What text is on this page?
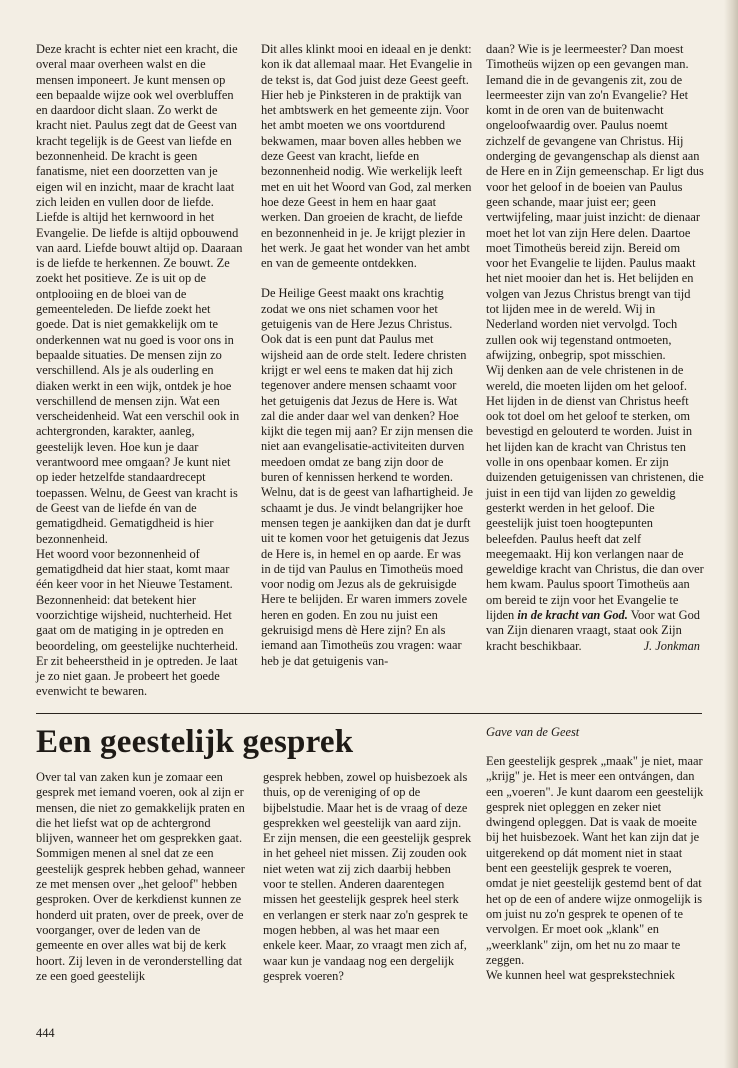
Deze kracht is echter niet een kracht, die overal maar overheen walst en die mensen imponeert. Je kunt mensen op een bepaalde wijze ook wel overbluffen en daardoor dicht slaan. Zo werkt de kracht niet. Paulus zegt dat de Geest van kracht tegelijk is de Geest van liefde en bezonnenheid. De kracht is geen fanatisme, niet een doorzetten van je eigen wil en inzicht, maar de kracht laat zich leiden en vullen door de liefde. Liefde is altijd het kernwoord in het Evangelie. De liefde is altijd opbouwend van aard. Liefde bouwt altijd op. Daaraan is de liefde te herkennen. Ze bouwt. Ze zoekt het positieve. Ze is uit op de ontplooiing en de bloei van de gemeenteleden. De liefde zoekt het goede. Dat is niet gemakkelijk om te onderkennen wat nu goed is voor ons in bepaalde situaties. De mensen zijn zo verschillend. Als je als ouderling en diaken werkt in een wijk, ontdek je hoe verschillend de mensen zijn. Wat een verscheidenheid. Wat een verschil ook in achtergronden, karakter, aanleg, geestelijk leven. Hoe kun je daar verantwoord mee omgaan? Je kunt niet op ieder hetzelfde standaardrecept toepassen. Welnu, de Geest van kracht is de Geest van de liefde én van de gematigdheid. Gematigdheid is hier bezonnenheid.

Het woord voor bezonnenheid of gematigdheid dat hier staat, komt maar één keer voor in het Nieuwe Testament. Bezonnenheid: dat betekent hier voorzichtige wijsheid, nuchterheid. Het gaat om de matiging in je optreden en beoordeling, om geestelijke nuchterheid. Er zit beheerstheid in je optreden. Je laat je zo niet gaan. Je probeert het goede evenwicht te bewaren.

Dit alles klinkt mooi en ideaal en je denkt: kon ik dat allemaal maar. Het Evangelie in de tekst is, dat God juist deze Geest geeft. Hier heb je Pinksteren in de praktijk van het ambtswerk en het gemeente zijn. Voor het ambt moeten we ons voortdurend bekwamen, maar boven alles hebben we deze Geest van kracht, liefde en bezonnenheid nodig. Wie werkelijk leeft met en uit het Woord van God, zal merken hoe deze Geest in hem en haar gaat werken. Dan groeien de kracht, de liefde en bezonnenheid in je. Je krijgt plezier in het werk. Je gaat het wonder van het ambt en van de gemeente ontdekken.

De Heilige Geest maakt ons krachtig zodat we ons niet schamen voor het getuigenis van de Here Jezus Christus. Ook dat is een punt dat Paulus met wijsheid aan de orde stelt. Iedere christen krijgt er wel eens te maken dat hij zich tegenover andere mensen schaamt voor het getuigenis dat Jezus de Here is. Wat zal die ander daar wel van denken? Hoe kijkt die tegen mij aan? Er zijn mensen die niet aan evangelisatie-activiteiten durven meedoen omdat ze bang zijn door de buren of kennissen herkend te worden. Welnu, dat is de geest van lafhartigheid. Je schaamt je dus. Je vindt belangrijker hoe mensen tegen je aankijken dan dat je durft uit te komen voor het getuigenis dat Jezus de Here is, in hemel en op aarde. Er was in de tijd van Paulus en Timotheüs moed voor nodig om Jezus als de gekruisigde Here te belijden. Er waren immers zovele heren en goden. En zou nu juist een gekruisigd mens dè Here zijn? En als iemand aan Timotheüs zou vragen: waar heb je dat getuigenis van-

daan? Wie is je leermeester? Dan moest Timotheüs wijzen op een gevangen man. Iemand die in de gevangenis zit, zou de leermeester zijn van zo'n Evangelie? Het komt in de oren van de buitenwacht ongeloofwaardig over. Paulus noemt zichzelf de gevangene van Christus. Hij onderging de gevangenschap als dienst aan de Here en in Zijn gemeenschap. Er ligt dus voor het geloof in de boeien van Paulus geen schande, maar juist eer; geen vertwijfeling, maar juist inzicht: de dienaar moet het lot van zijn Here delen. Daartoe moet Timotheüs bereid zijn. Bereid om voor het Evangelie te lijden. Paulus maakt het niet mooier dan het is. Het belijden en volgen van Jezus Christus brengt van tijd tot lijden mee in de wereld. Wij in Nederland worden niet vervolgd. Toch zullen ook wij tegenstand ontmoeten, afwijzing, onbegrip, spot misschien.

Wij denken aan de vele christenen in de wereld, die moeten lijden om het geloof. Het lijden in de dienst van Christus heeft ook tot doel om het geloof te sterken, om bevestigd en gelouterd te worden. Juist in het lijden kan de kracht van Christus ten volle in ons openbaar komen. Er zijn duizenden getuigenissen van christenen, die juist in een tijd van lijden zo geweldig gesterkt werden in het geloof. Die geestelijk juist toen hoogtepunten beleefden. Paulus heeft dat zelf meegemaakt. Hij kon verlangen naar de geweldige kracht van Christus, die dan over hem kwam. Paulus spoort Timotheüs aan om bereid te zijn voor het Evangelie te lijden in de kracht van God. Voor wat God van Zijn dienaren vraagt, staat ook Zijn kracht beschikbaar.	J. Jonkman

Een geestelijk gesprek	Gave van de Geest

Over tal van zaken kun je zomaar een gesprek met iemand voeren, ook al zijn er mensen, die niet zo gemakkelijk praten en die het liefst wat op de achtergrond blijven, wanneer het om gesprekken gaat.

Sommigen menen al snel dat ze een geestelijk gesprek hebben gehad, wanneer ze met mensen over „het geloof" hebben gesproken. Over de kerkdienst kunnen ze honderd uit praten, over de preek, over de voorganger, over de leden van de gemeente en over alles wat bij de kerk hoort. Zij leven in de veronderstelling dat ze een goed geestelijk

gesprek hebben, zowel op huisbezoek als thuis, op de vereniging of op de bijbelstudie. Maar het is de vraag of deze gesprekken wel geestelijk van aard zijn. Er zijn mensen, die een geestelijk gesprek in het geheel niet missen. Zij zouden ook niet weten wat zij zich daarbij hebben voor te stellen. Anderen daarentegen missen het geestelijk gesprek heel sterk en verlangen er sterk naar zo'n gesprek te mogen hebben, al was het maar een enkele keer. Maar, zo vraagt men zich af, waar kun je vandaag nog een dergelijk gesprek voeren?

Een geestelijk gesprek „maak" je niet, maar „krijg" je. Het is meer een ontvángen, dan een „voeren". Je kunt daarom een geestelijk gesprek niet opleggen en zeker niet dwingend opleggen. Dat is vaak de moeite bij het huisbezoek. Want het kan zijn dat je uitgerekend op dát moment niet in staat bent een geestelijk gesprek te voeren, omdat je niet geestelijk gestemd bent of dat het op de een of andere wijze onmogelijk is om juist nu zo'n gesprek te openen of te vervolgen. Er moet ook „klank" en „weerklank" zijn, om het nu zo maar te zeggen.

We kunnen heel wat gesprekstechniek

444
